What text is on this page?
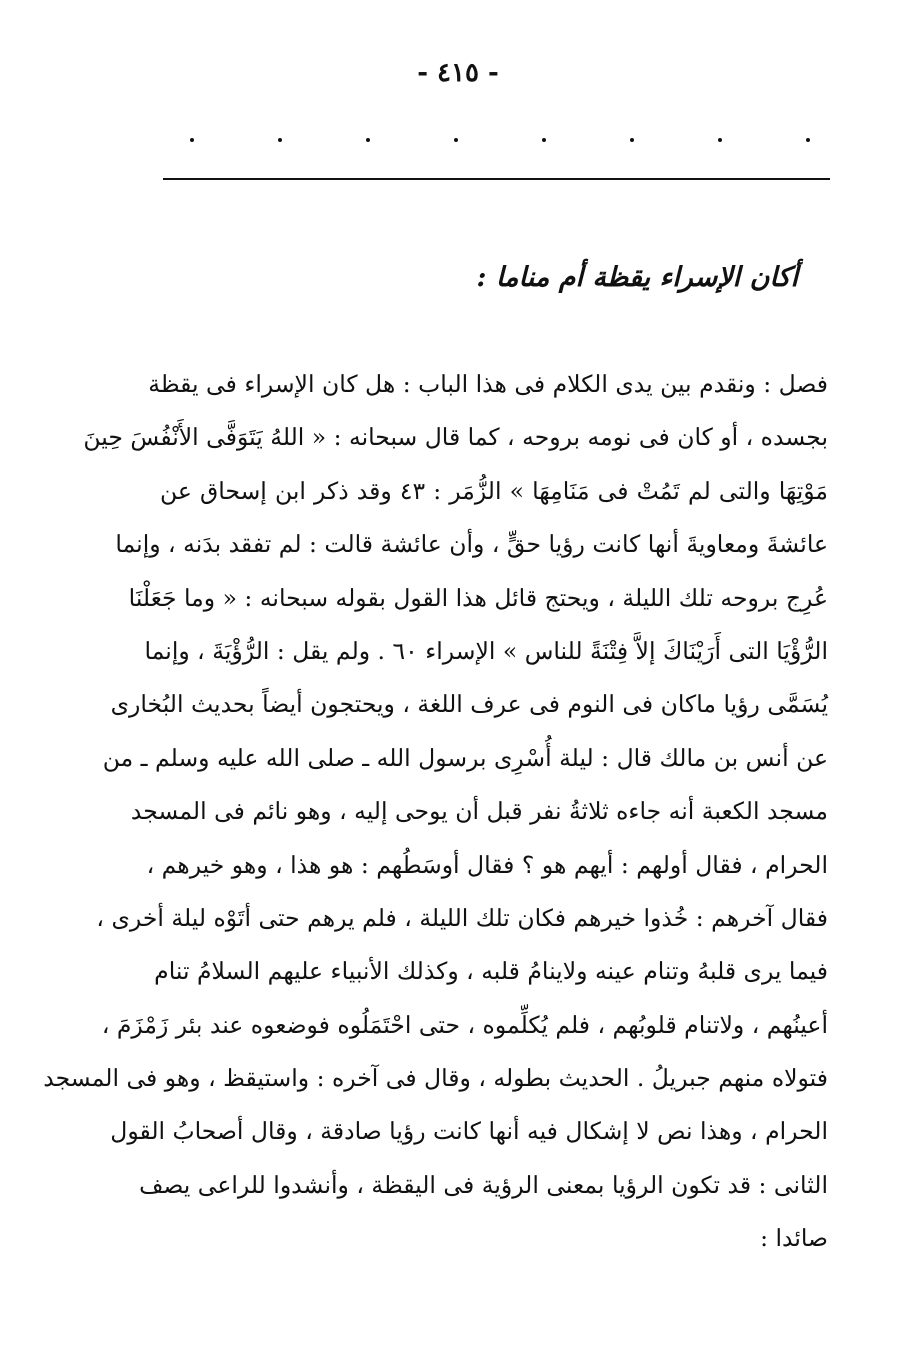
- ٤١٥ -
أكان الإسراء يقظة أم مناما :
فصل : ونقدم بين يدى الكلام فى هذا الباب : هل كان الإسراء فى يقظة
بجسده ، أو كان فى نومه بروحه ، كما قال سبحانه : « اللهُ يَتَوَفَّى الأَنْفُسَ حِينَ
مَوْتِهَا والتى لم تَمُتْ فى مَنَامِهَا » الزُّمَر : ٤٣ وقد ذكر ابن إسحاق عن
عائشةَ ومعاويةَ أنها كانت رؤيا حقٍّ ، وأن عائشة قالت : لم تفقد بدَنه ، وإنما
عُرِج بروحه تلك الليلة ، ويحتج قائل هذا القول بقوله سبحانه : « وما جَعَلْنَا
الرُّؤْيَا التى أَرَيْنَاكَ إلاَّ فِتْنَةً للناس » الإسراء ٦٠ . ولم يقل : الرُّؤْيَةَ ، وإنما
يُسَمَّى رؤيا ماكان فى النوم فى عرف اللغة ، ويحتجون أيضاً بحديث البُخارى
عن أنس بن مالك قال : ليلة أُسْرِى برسول الله ـ صلى الله عليه وسلم ـ من
مسجد الكعبة أنه جاءه ثلاثةُ نفر قبل أن يوحى إليه ، وهو نائم فى المسجد
الحرام ، فقال أولهم : أيهم هو ؟ فقال أوسَطُهم : هو هذا ، وهو خيرهم ،
فقال آخرهم : خُذوا خيرهم فكان تلك الليلة ، فلم يرهم حتى أتَوْه ليلة أخرى ،
فيما يرى قلبهُ وتنام عينه ولاينامُ قلبه ، وكذلك الأنبياء عليهم السلامُ تنام
أعينُهم ، ولاتنام قلوبُهم ، فلم يُكلِّموه ، حتى احْتَمَلُوه فوضعوه عند بئر زَمْزَمَ ،
فتولاه منهم جبريلُ . الحديث بطوله ، وقال فى آخره : واستيقظ ، وهو فى المسجد
الحرام ، وهذا نص لا إشكال فيه أنها كانت رؤيا صادقة ، وقال أصحابُ القول
الثانى : قد تكون الرؤيا بمعنى الرؤية فى اليقظة ، وأنشدوا للراعى يصف
صائدا :
